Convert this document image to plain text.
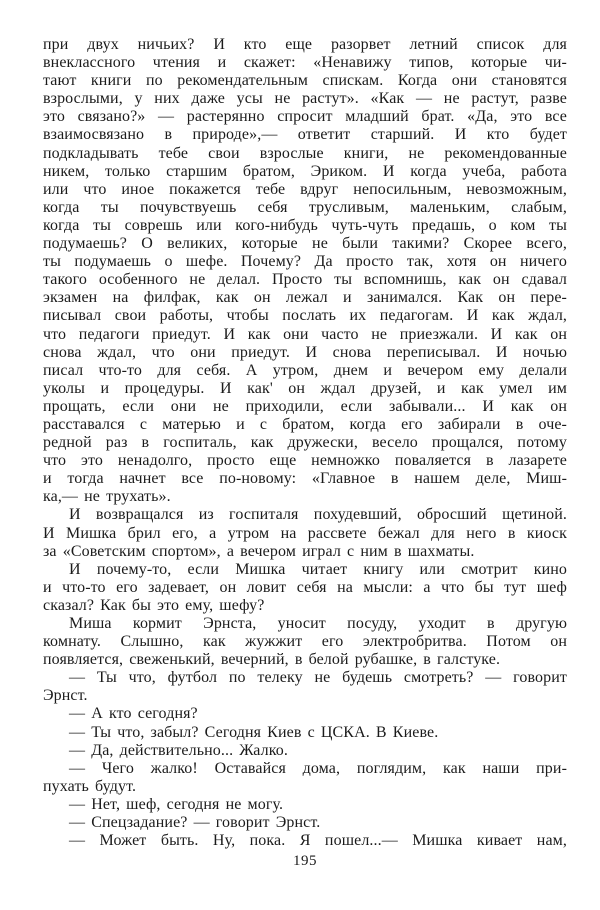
при двух ничьих? И кто еще разорвет летний список для
внеклассного чтения и скажет: «Ненавижу типов, которые чи-
тают книги по рекомендательным спискам. Когда они становятся
взрослыми, у них даже усы не растут». «Как — не растут, разве
это связано?» — растерянно спросит младший брат. «Да, это все
взаимосвязано в природе»,— ответит старший. И кто будет
подкладывать тебе свои взрослые книги, не рекомендованные
никем, только старшим братом, Эриком. И когда учеба, работа
или что иное покажется тебе вдруг непосильным, невозможным,
когда ты почувствуешь себя трусливым, маленьким, слабым,
когда ты соврешь или кого-нибудь чуть-чуть предашь, о ком ты
подумаешь? О великих, которые не были такими? Скорее всего,
ты подумаешь о шефе. Почему? Да просто так, хотя он ничего
такого особенного не делал. Просто ты вспомнишь, как он сдавал
экзамен на филфак, как он лежал и занимался. Как он пере-
писывал свои работы, чтобы послать их педагогам. И как ждал,
что педагоги приедут. И как они часто не приезжали. И как он
снова ждал, что они приедут. И снова переписывал. И ночью
писал что-то для себя. А утром, днем и вечером ему делали
уколы и процедуры. И как' он ждал друзей, и как умел им
прощать, если они не приходили, если забывали... И как он
расставался с матерью и с братом, когда его забирали в оче-
редной раз в госпиталь, как дружески, весело прощался, потому
что это ненадолго, просто еще немножко поваляется в лазарете
и тогда начнет все по-новому: «Главное в нашем деле, Миш-
ка,— не трухать».
И возвращался из госпиталя похудевший, обросший щетиной.
И Мишка брил его, а утром на рассвете бежал для него в киоск
за «Советским спортом», а вечером играл с ним в шахматы.
И почему-то, если Мишка читает книгу или смотрит кино
и что-то его задевает, он ловит себя на мысли: а что бы тут шеф
сказал? Как бы это ему, шефу?
Миша кормит Эрнста, уносит посуду, уходит в другую
комнату. Слышно, как жужжит его электробритва. Потом он
появляется, свеженький, вечерний, в белой рубашке, в галстуке.
— Ты что, футбол по телеку не будешь смотреть? — говорит
Эрнст.
— А кто сегодня?
— Ты что, забыл? Сегодня Киев с ЦСКА. В Киеве.
— Да, действительно... Жалко.
— Чего жалко! Оставайся дома, поглядим, как наши при-
пухать будут.
— Нет, шеф, сегодня не могу.
— Спецзадание? — говорит Эрнст.
— Может быть. Ну, пока. Я пошел...— Мишка кивает нам,
195
